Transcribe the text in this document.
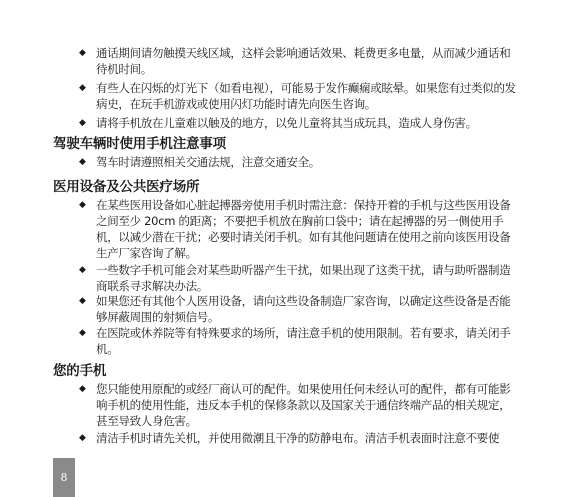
◆ 通话期间请勿触摸天线区域，这样会影响通话效果、耗费更多电量，从而减少通话和待机时间。
◆ 有些人在闪烁的灯光下（如看电视），可能易于发作癫痫或眩晕。如果您有过类似的发病史，在玩手机游戏或使用闪灯功能时请先向医生咨询。
◆ 请将手机放在儿童难以触及的地方，以免儿童将其当成玩具，造成人身伤害。
驾驶车辆时使用手机注意事项
◆ 驾车时请遵照相关交通法规，注意交通安全。
医用设备及公共医疗场所
◆ 在某些医用设备如心脏起搏器旁使用手机时需注意：保持开着的手机与这些医用设备之间至少 20cm 的距离；不要把手机放在胸前口袋中；请在起搏器的另一侧使用手机，以减少潜在干扰；必要时请关闭手机。如有其他问题请在使用之前向该医用设备生产厂家咨询了解。
◆ 一些数字手机可能会对某些助听器产生干扰，如果出现了这类干扰，请与助听器制造商联系寻求解决办法。
◆ 如果您还有其他个人医用设备，请向这些设备制造厂家咨询，以确定这些设备是否能够屏蔽周围的射频信号。
◆ 在医院或休养院等有特殊要求的场所，请注意手机的使用限制。若有要求，请关闭手机。
您的手机
◆ 您只能使用原配的或经厂商认可的配件。如果使用任何未经认可的配件，都有可能影响手机的使用性能，违反本手机的保修条款以及国家关于通信终端产品的相关规定，甚至导致人身危害。
◆ 清洁手机时请先关机，并使用微潮且干净的防静电布。清洁手机表面时注意不要使
8
